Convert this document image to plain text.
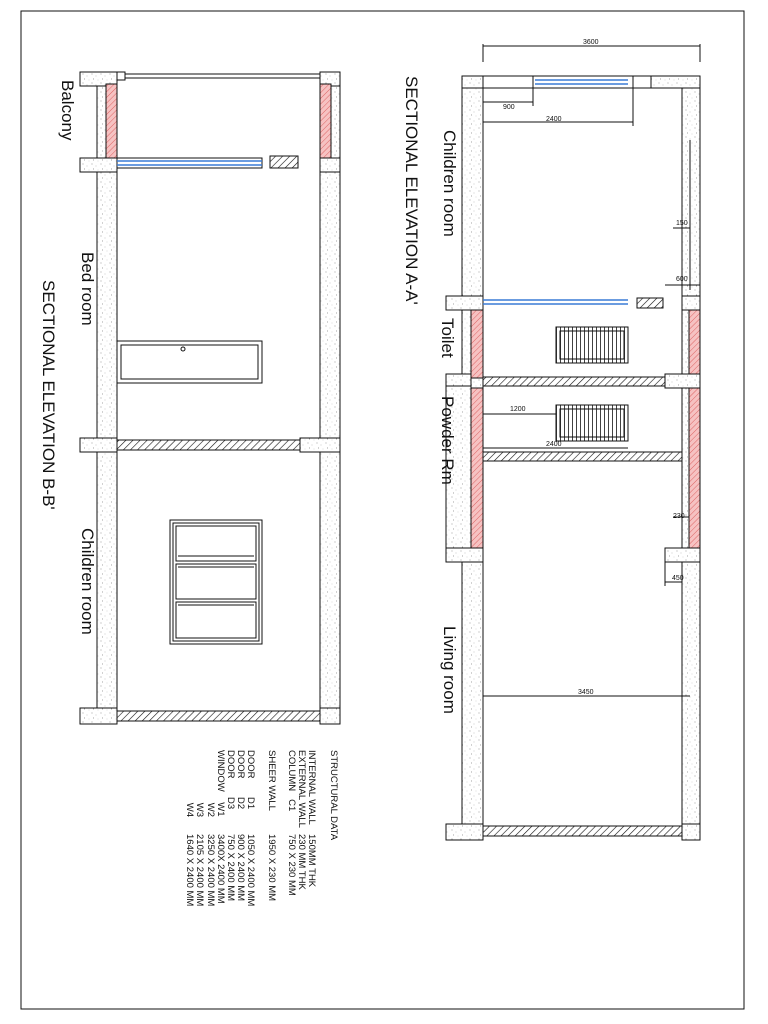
3600
900
2400
150
600
1200
2400
230
450
3450
Balcony
Bed room
SECTIONAL ELEVATION B-B'
Children room
SECTIONAL ELEVATION A-A' Children room
Toilet
Powder Rm
Living room
STRUCTURAL DATA
INTERNAL WALL
150MM THK
EXTERNAL WALL
230 MM THK
COLUMN   C1
750 X 230 MM
SHEER WALL
1950 X 230 MM
DOOR       D1
1050 X 2400 MM
DOOR       D2
900 X 2400 MM
DOOR       D3
750 X 2400 MM
WINDOW    W1
3400X 2400 MM
W2
3250 X 2400 MM
W3
2105 X 2400 MM
W4
1640 X 2400 MM
